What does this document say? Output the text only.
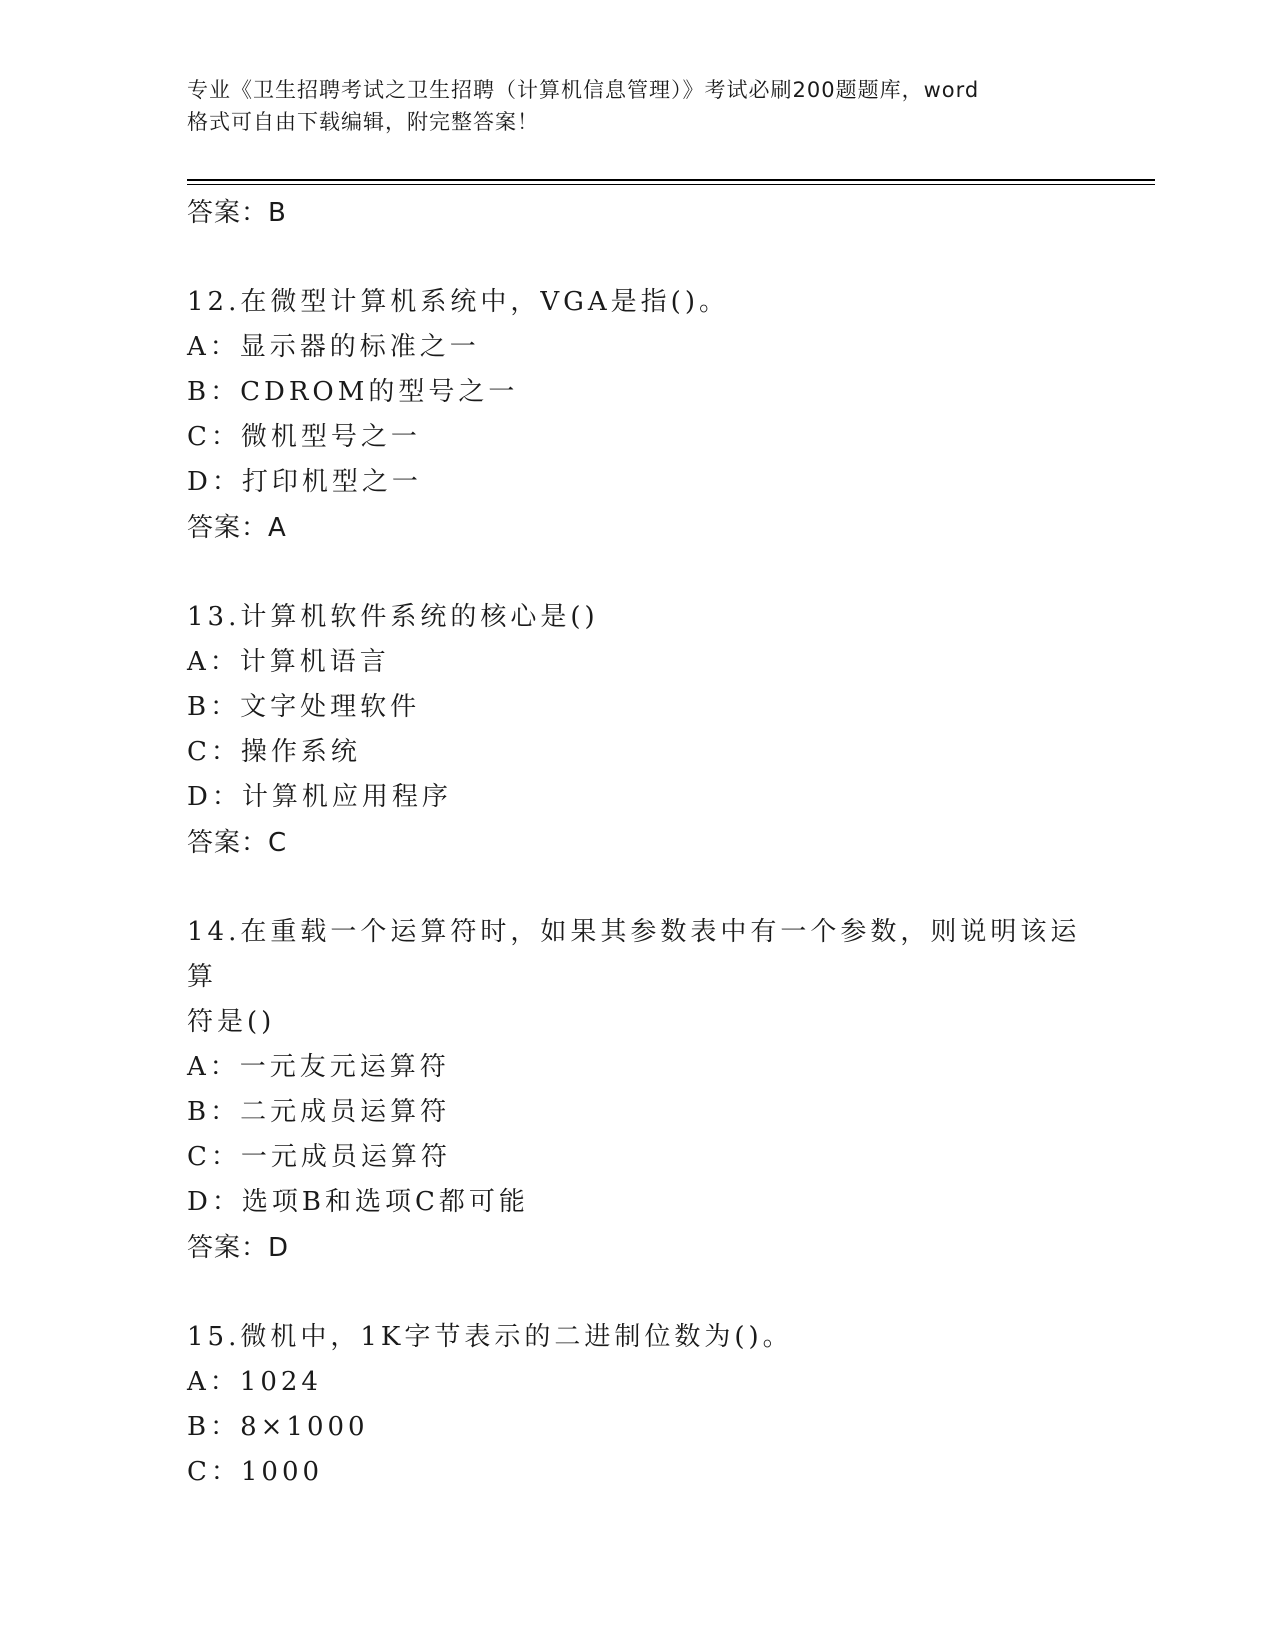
专业《卫生招聘考试之卫生招聘（计算机信息管理）》考试必刷200题题库，word
格式可自由下载编辑，附完整答案！
答案：B
12.在微型计算机系统中，VGA是指()。
A：显示器的标准之一
B：CDROM的型号之一
C：微机型号之一
D：打印机型之一
答案：A
13.计算机软件系统的核心是()
A：计算机语言
B：文字处理软件
C：操作系统
D：计算机应用程序
答案：C
14.在重载一个运算符时，如果其参数表中有一个参数，则说明该运算
符是()
A：一元友元运算符
B：二元成员运算符
C：一元成员运算符
D：选项B和选项C都可能
答案：D
15.微机中，1K字节表示的二进制位数为()。
A：1024
B：8×1000
C：1000
